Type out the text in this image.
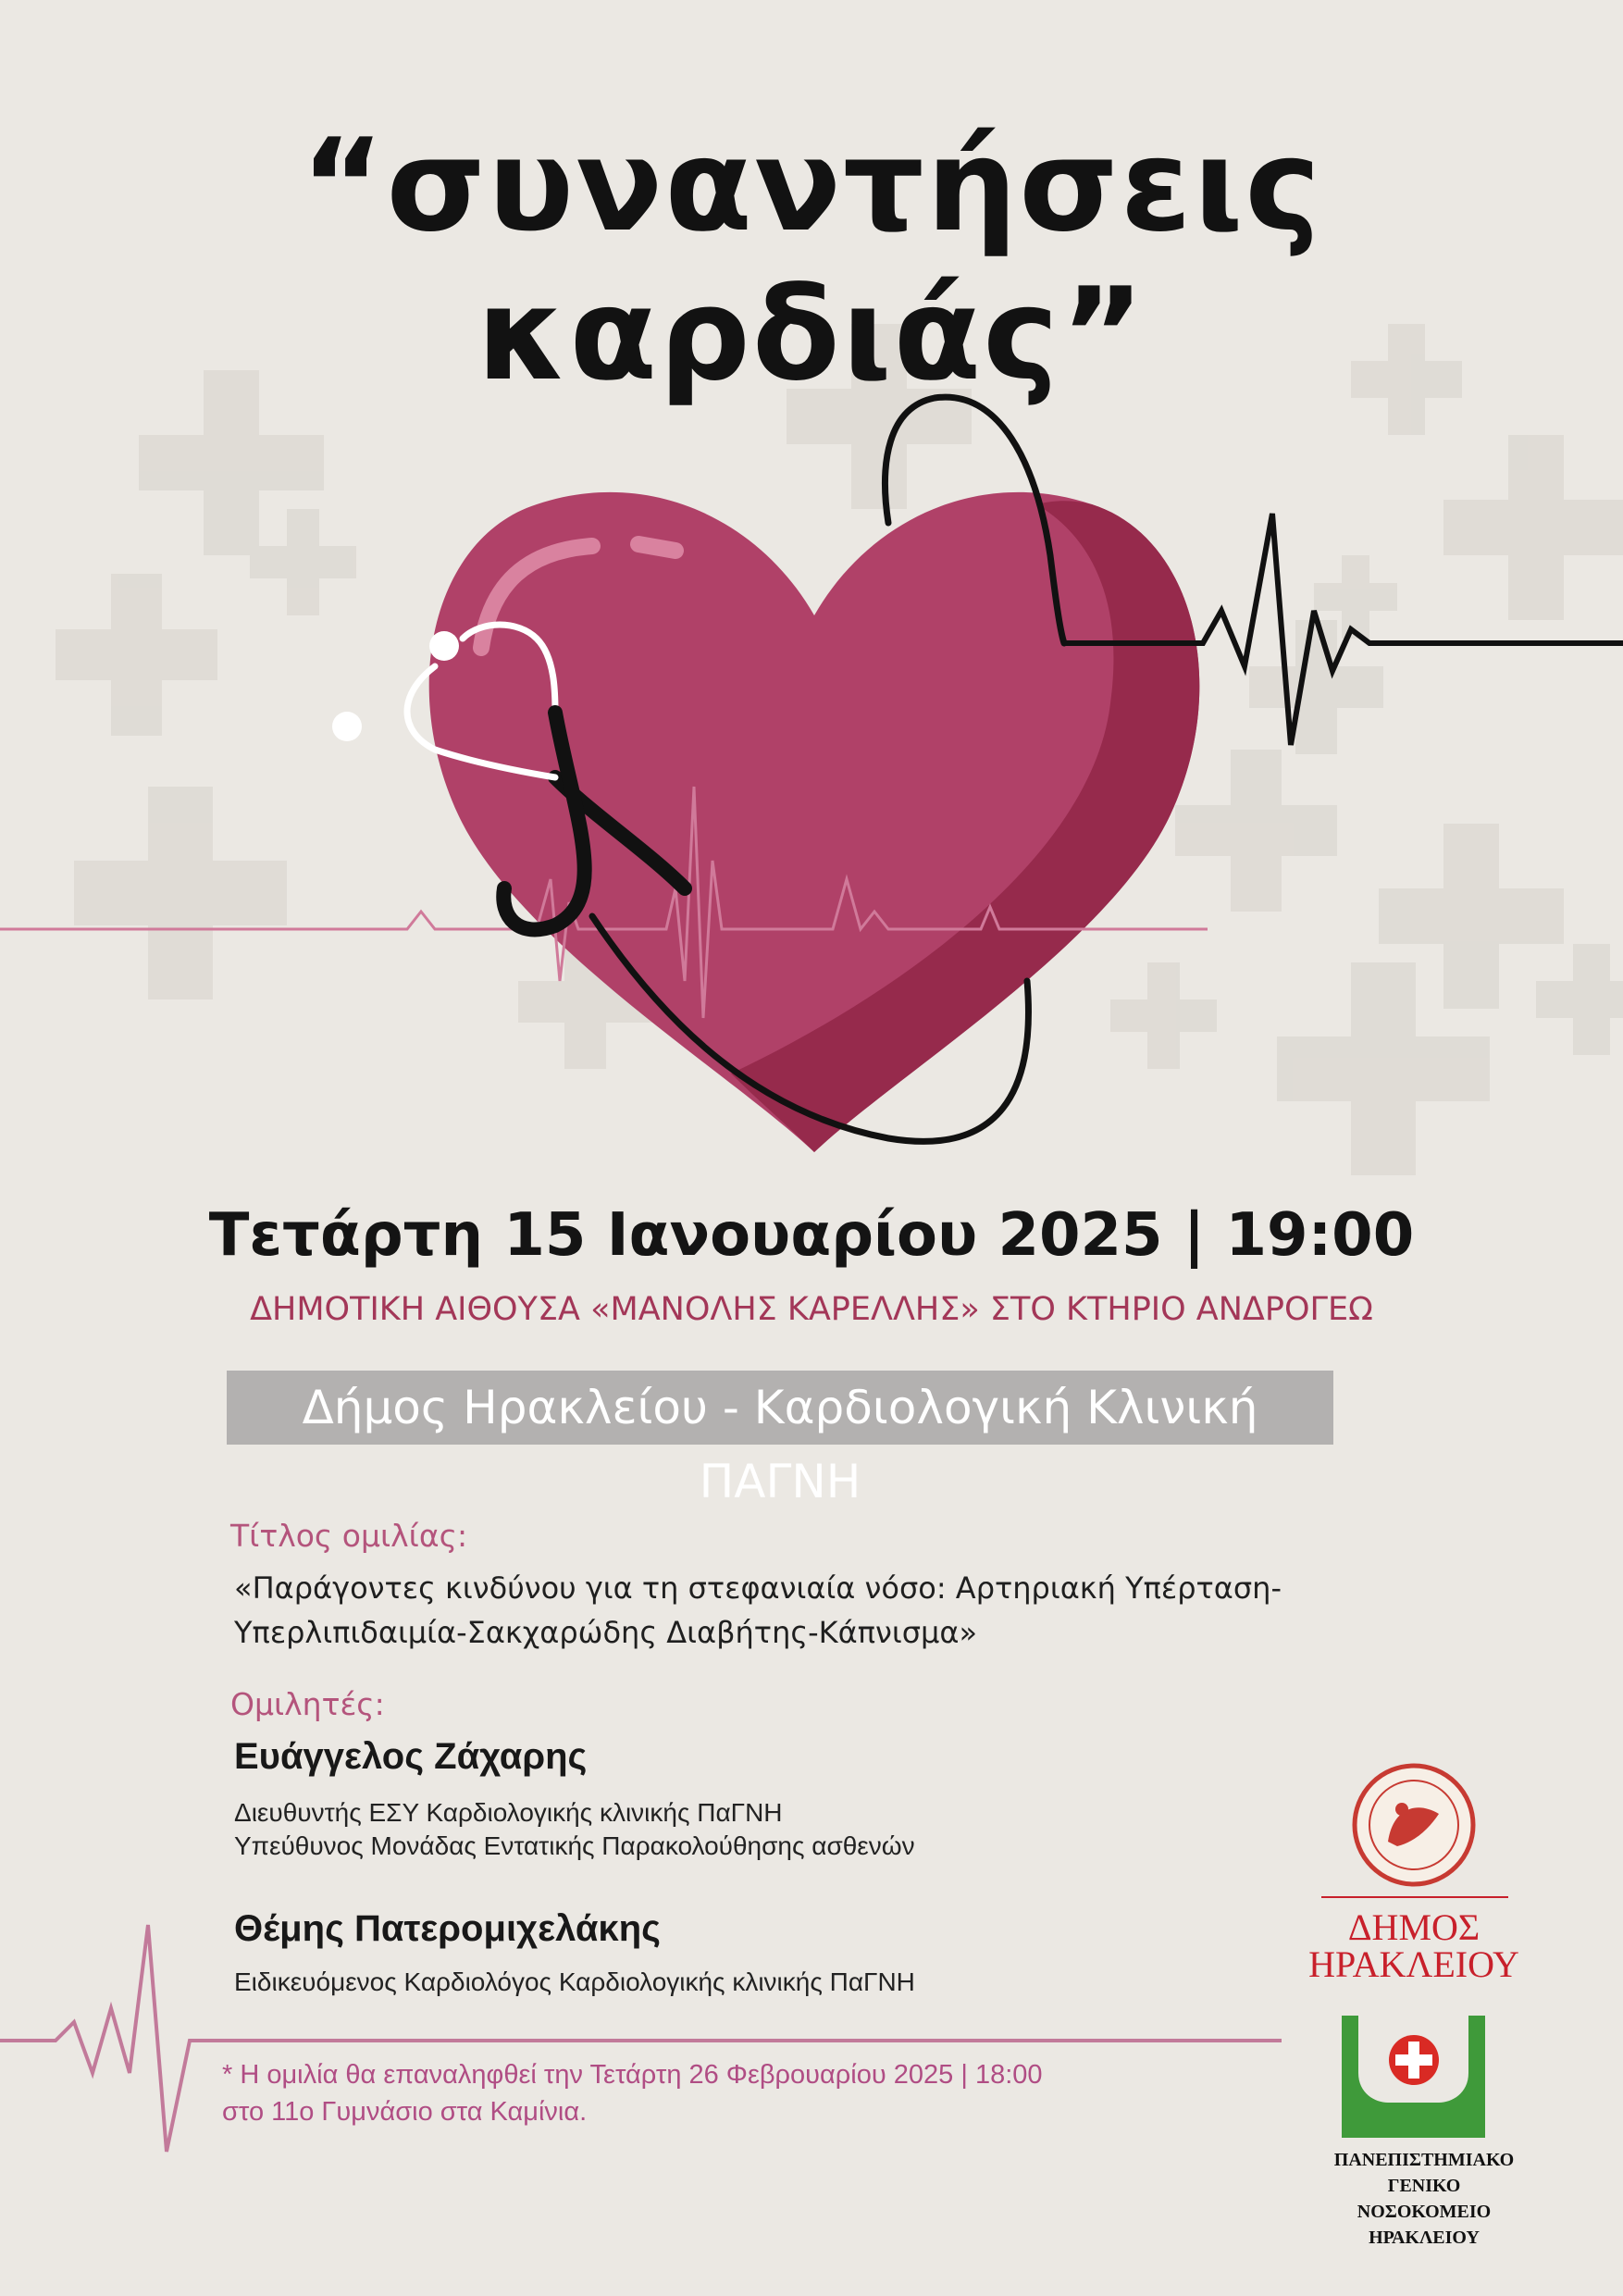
“συναντήσεις καρδιάς”
Τετάρτη 15 Ιανουαρίου 2025 | 19:00
ΔΗΜΟΤΙΚΗ ΑΙΘΟΥΣΑ «ΜΑΝΟΛΗΣ ΚΑΡΕΛΛΗΣ» ΣΤΟ ΚΤΗΡΙΟ ΑΝΔΡΟΓΕΩ
Δήμος Ηρακλείου - Καρδιολογική Κλινική ΠΑΓΝΗ
Τίτλος ομιλίας:
«Παράγοντες κινδύνου για τη στεφανιαία νόσο: Αρτηριακή Υπέρταση-
Υπερλιπιδαιμία-Σακχαρώδης Διαβήτης-Κάπνισμα»
Ομιλητές:
Ευάγγελος Ζάχαρης
Διευθυντής ΕΣΥ Καρδιολογικής κλινικής ΠαΓΝΗ
Υπεύθυνος Μονάδας Εντατικής Παρακολούθησης ασθενών
Θέμης Πατερομιχελάκης
Ειδικευόμενος Καρδιολόγος Καρδιολογικής κλινικής ΠαΓΝΗ
* Η ομιλία θα επαναληφθεί την Τετάρτη 26 Φεβρουαρίου 2025 | 18:00
στο 11ο Γυμνάσιο στα Καμίνια.
ΔΗΜΟΣ
ΗΡΑΚΛΕΙΟΥ
ΠΑΝΕΠΙΣΤΗΜΙΑΚΟ
ΓΕΝΙΚΟ
ΝΟΣΟΚΟΜΕΙΟ
ΗΡΑΚΛΕΙΟΥ
